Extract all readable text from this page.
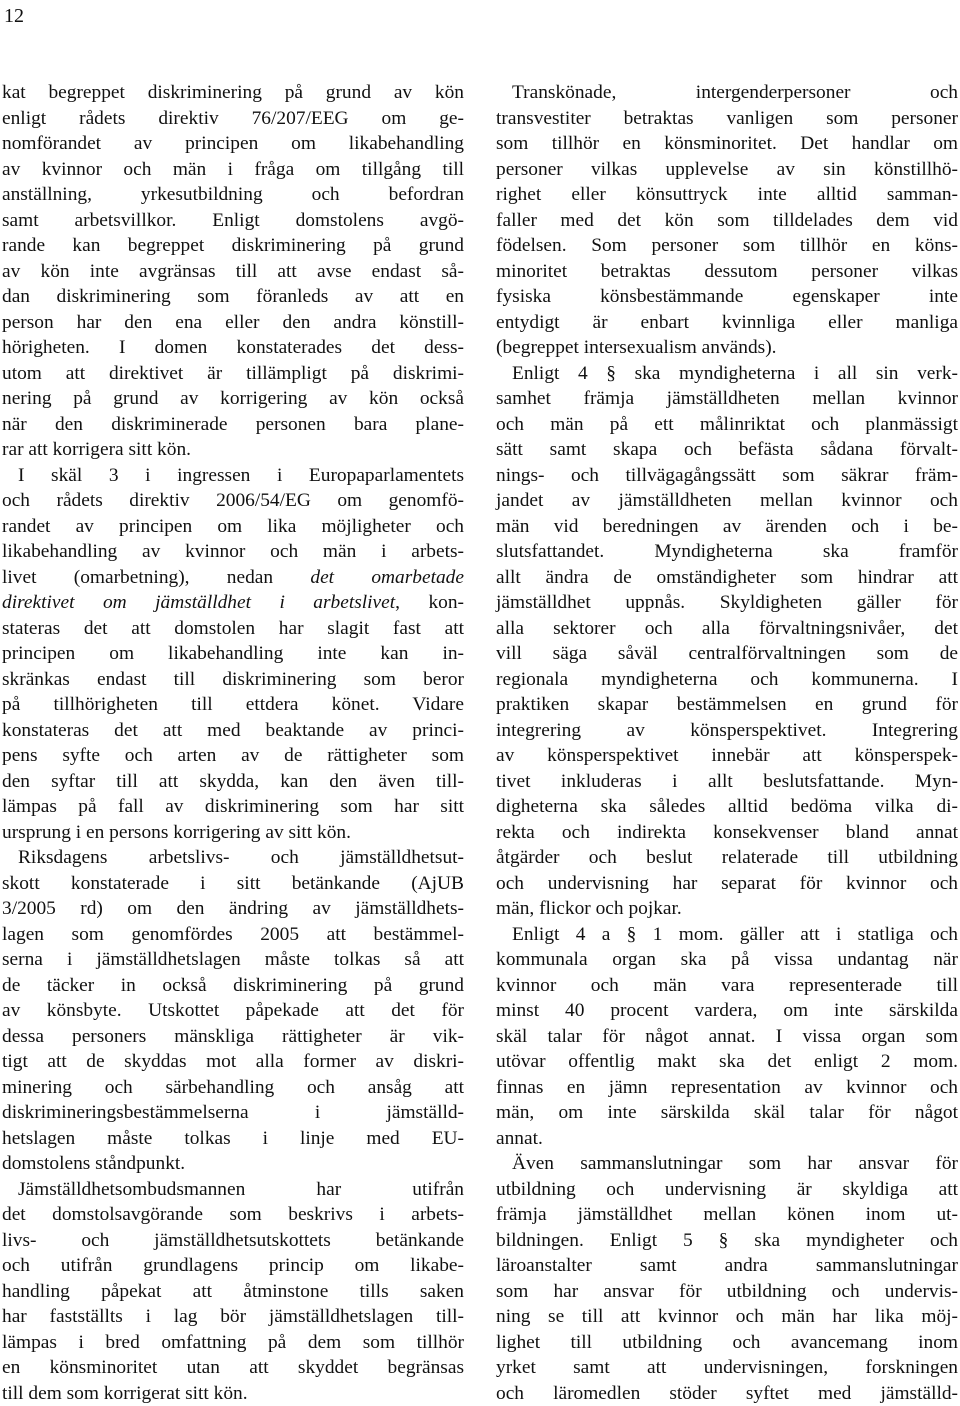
12
kat begreppet diskriminering på grund av kön
enligt rådets direktiv 76/207/EEG om ge-
nomförandet av principen om likabehandling
av kvinnor och män i fråga om tillgång till
anställning, yrkesutbildning och befordran
samt arbetsvillkor. Enligt domstolens avgö-
rande kan begreppet diskriminering på grund
av kön inte avgränsas till att avse endast så-
dan diskriminering som föranleds av att en
person har den ena eller den andra könstill-
hörigheten. I domen konstaterades det dess-
utom att direktivet är tillämpligt på diskrimi-
nering på grund av korrigering av kön också
när den diskriminerade personen bara plane-
rar att korrigera sitt kön.
I skäl 3 i ingressen i Europaparlamentets
och rådets direktiv 2006/54/EG om genomfö-
randet av principen om lika möjligheter och
likabehandling av kvinnor och män i arbets-
livet (omarbetning), nedan det omarbetade
direktivet om jämställdhet i arbetslivet, kon-
stateras det att domstolen har slagit fast att
principen om likabehandling inte kan in-
skränkas endast till diskriminering som beror
på tillhörigheten till ettdera könet. Vidare
konstateras det att med beaktande av princi-
pens syfte och arten av de rättigheter som
den syftar till att skydda, kan den även till-
lämpas på fall av diskriminering som har sitt
ursprung i en persons korrigering av sitt kön.
Riksdagens arbetslivs- och jämställdhetsut-
skott konstaterade i sitt betänkande (AjUB
3/2005 rd) om den ändring av jämställdhets-
lagen som genomfördes 2005 att bestämmel-
serna i jämställdhetslagen måste tolkas så att
de täcker in också diskriminering på grund
av könsbyte. Utskottet påpekade att det för
dessa personers mänskliga rättigheter är vik-
tigt att de skyddas mot alla former av diskri-
minering och särbehandling och ansåg att
diskrimineringsbestämmelserna i jämställd-
hetslagen måste tolkas i linje med EU-
domstolens ståndpunkt.
Jämställdhetsombudsmannen har utifrån
det domstolsavgörande som beskrivs i arbets-
livs- och jämställdhetsutskottets betänkande
och utifrån grundlagens princip om likabe-
handling påpekat att åtminstone tills saken
har fastställts i lag bör jämställdhetslagen till-
lämpas i bred omfattning på dem som tillhör
en könsminoritet utan att skyddet begränsas
till dem som korrigerat sitt kön.
Transkönade, intergenderpersoner och
transvestiter betraktas vanligen som personer
som tillhör en könsminoritet. Det handlar om
personer vilkas upplevelse av sin könstillhö-
righet eller könsuttryck inte alltid samman-
faller med det kön som tilldelades dem vid
födelsen. Som personer som tillhör en köns-
minoritet betraktas dessutom personer vilkas
fysiska könsbestämmande egenskaper inte
entydigt är enbart kvinnliga eller manliga
(begreppet intersexualism används).
Enligt 4 § ska myndigheterna i all sin verk-
samhet främja jämställdheten mellan kvinnor
och män på ett målinriktat och planmässigt
sätt samt skapa och befästa sådana förvalt-
nings- och tillvägagångssätt som säkrar främ-
jandet av jämställdheten mellan kvinnor och
män vid beredningen av ärenden och i be-
slutsfattandet. Myndigheterna ska framför
allt ändra de omständigheter som hindrar att
jämställdhet uppnås. Skyldigheten gäller för
alla sektorer och alla förvaltningsnivåer, det
vill säga såväl centralförvaltningen som de
regionala myndigheterna och kommunerna. I
praktiken skapar bestämmelsen en grund för
integrering av könsperspektivet. Integrering
av könsperspektivet innebär att könsperspek-
tivet inkluderas i allt beslutsfattande. Myn-
digheterna ska således alltid bedöma vilka di-
rekta och indirekta konsekvenser bland annat
åtgärder och beslut relaterade till utbildning
och undervisning har separat för kvinnor och
män, flickor och pojkar.
Enligt 4 a § 1 mom. gäller att i statliga och
kommunala organ ska på vissa undantag när
kvinnor och män vara representerade till
minst 40 procent vardera, om inte särskilda
skäl talar för något annat. I vissa organ som
utövar offentlig makt ska det enligt 2 mom.
finnas en jämn representation av kvinnor och
män, om inte särskilda skäl talar för något
annat.
Även sammanslutningar som har ansvar för
utbildning och undervisning är skyldiga att
främja jämställdhet mellan könen inom ut-
bildningen. Enligt 5 § ska myndigheter och
läroanstalter samt andra sammanslutningar
som har ansvar för utbildning och undervis-
ning se till att kvinnor och män har lika möj-
lighet till utbildning och avancemang inom
yrket samt att undervisningen, forskningen
och läromedlen stöder syftet med jämställd-
